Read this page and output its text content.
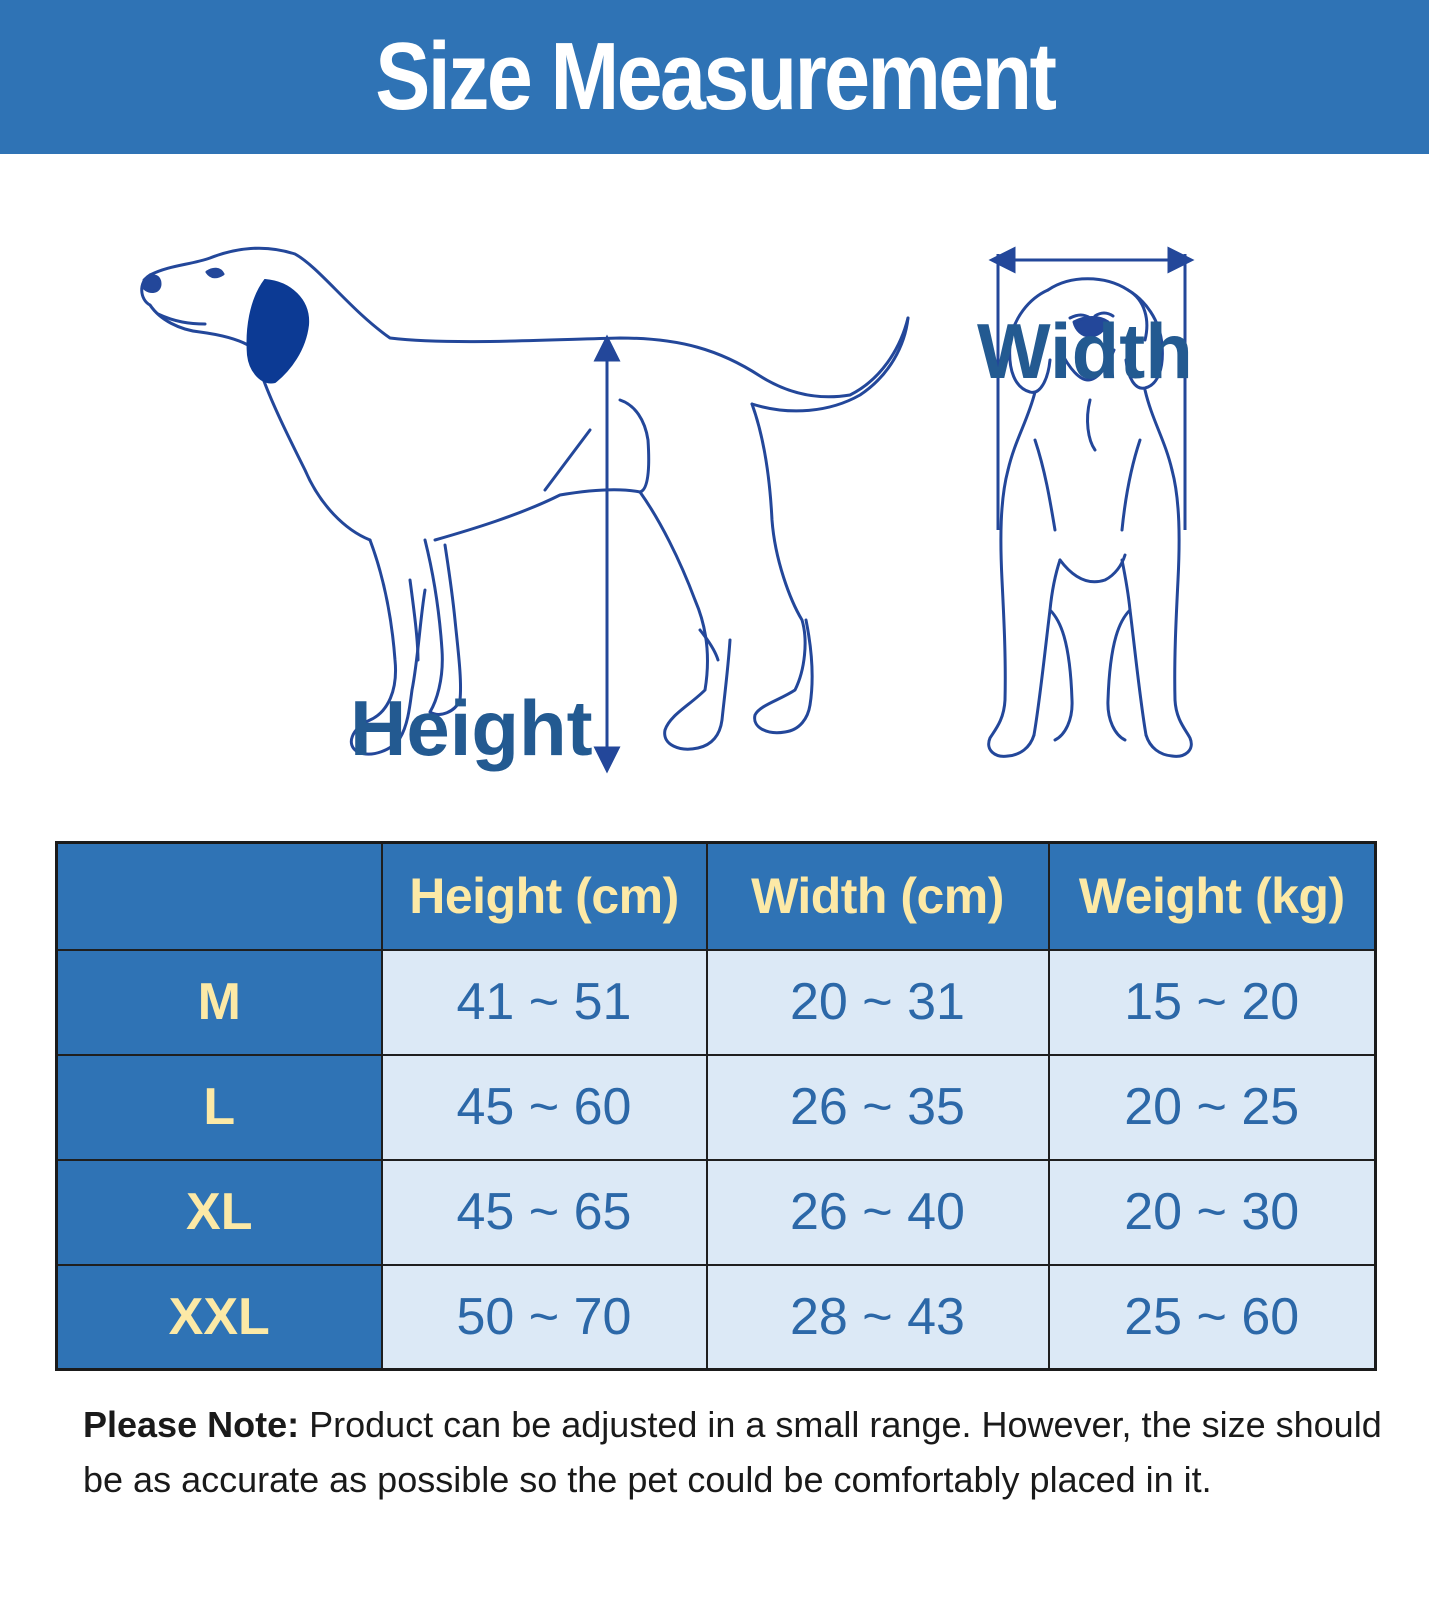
Size Measurement
Height
Width
	Height (cm)	Width (cm)	Weight (kg)
M	41 ~ 51	20 ~ 31	15 ~ 20
L	45 ~ 60	26 ~ 35	20 ~ 25
XL	45 ~ 65	26 ~ 40	20 ~ 30
XXL	50 ~ 70	28 ~ 43	25 ~ 60

Please Note: Product can be adjusted in a small range. However, the size should be as accurate as possible so the pet could be comfortably placed in it.
